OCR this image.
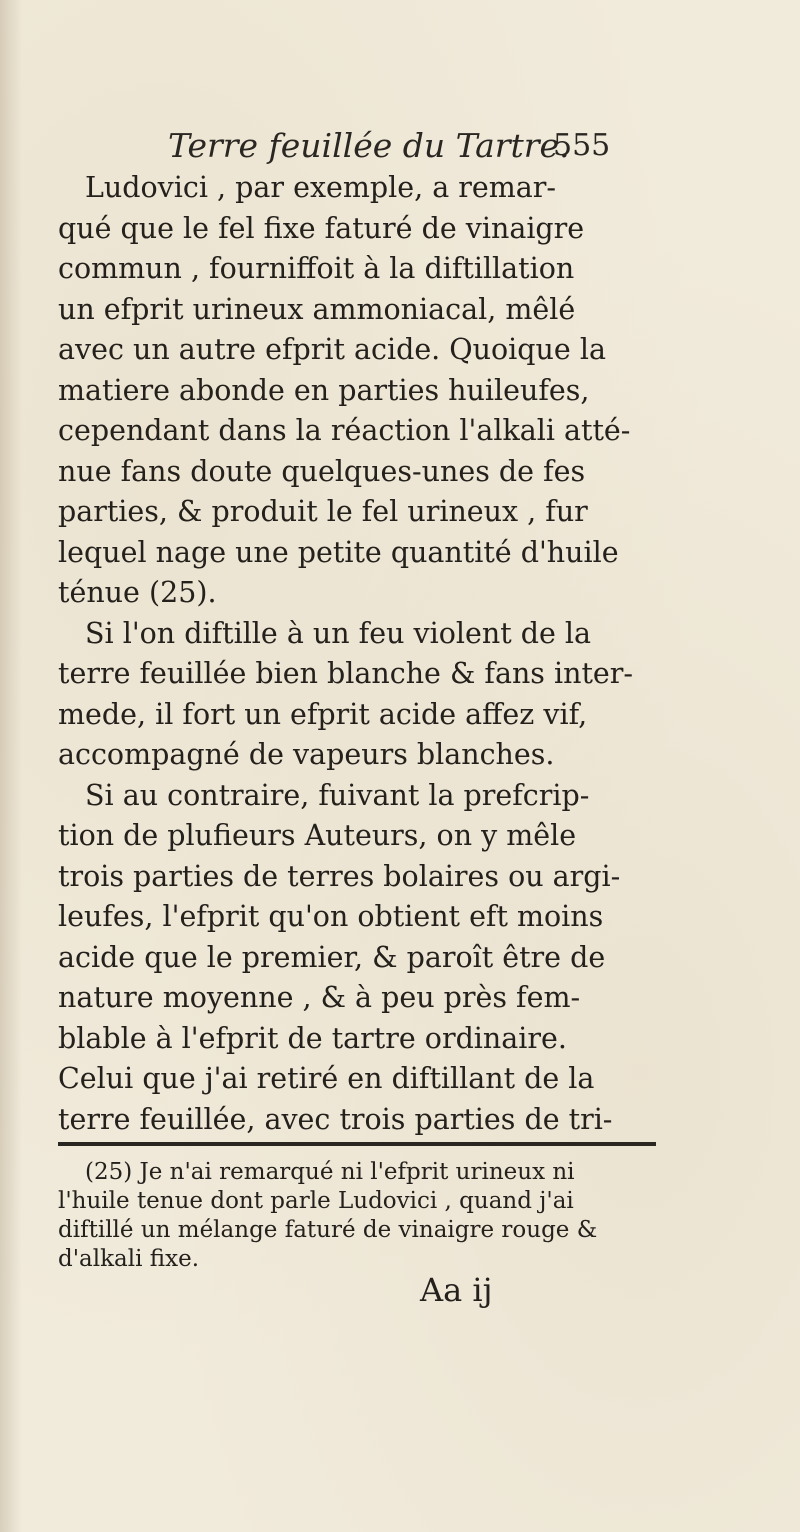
Terre feuillée du Tartre.
555
Ludovici , par exemple, a remar-
qué que le fel fixe faturé de vinaigre
commun , fourniffoit à la diftillation
un efprit urineux ammoniacal, mêlé
avec un autre efprit acide. Quoique la
matiere abonde en parties huileufes,
cependant dans la réaction l'alkali atté-
nue fans doute quelques-unes de fes
parties, & produit le fel urineux , fur
lequel nage une petite quantité d'huile
ténue (25).
Si l'on diftille à un feu violent de la
terre feuillée bien blanche & fans inter-
mede, il fort un efprit acide affez vif,
accompagné de vapeurs blanches.
Si au contraire, fuivant la prefcrip-
tion de plufieurs Auteurs, on y mêle
trois parties de terres bolaires ou argi-
leufes, l'efprit qu'on obtient eft moins
acide que le premier, & paroît être de
nature moyenne , & à peu près fem-
blable à l'efprit de tartre ordinaire.
Celui que j'ai retiré en diftillant de la
terre feuillée, avec trois parties de tri-
(25) Je n'ai remarqué ni l'efprit urineux ni
l'huile tenue dont parle Ludovici , quand j'ai
diftillé un mélange faturé de vinaigre rouge &
d'alkali fixe.
Aa ij
